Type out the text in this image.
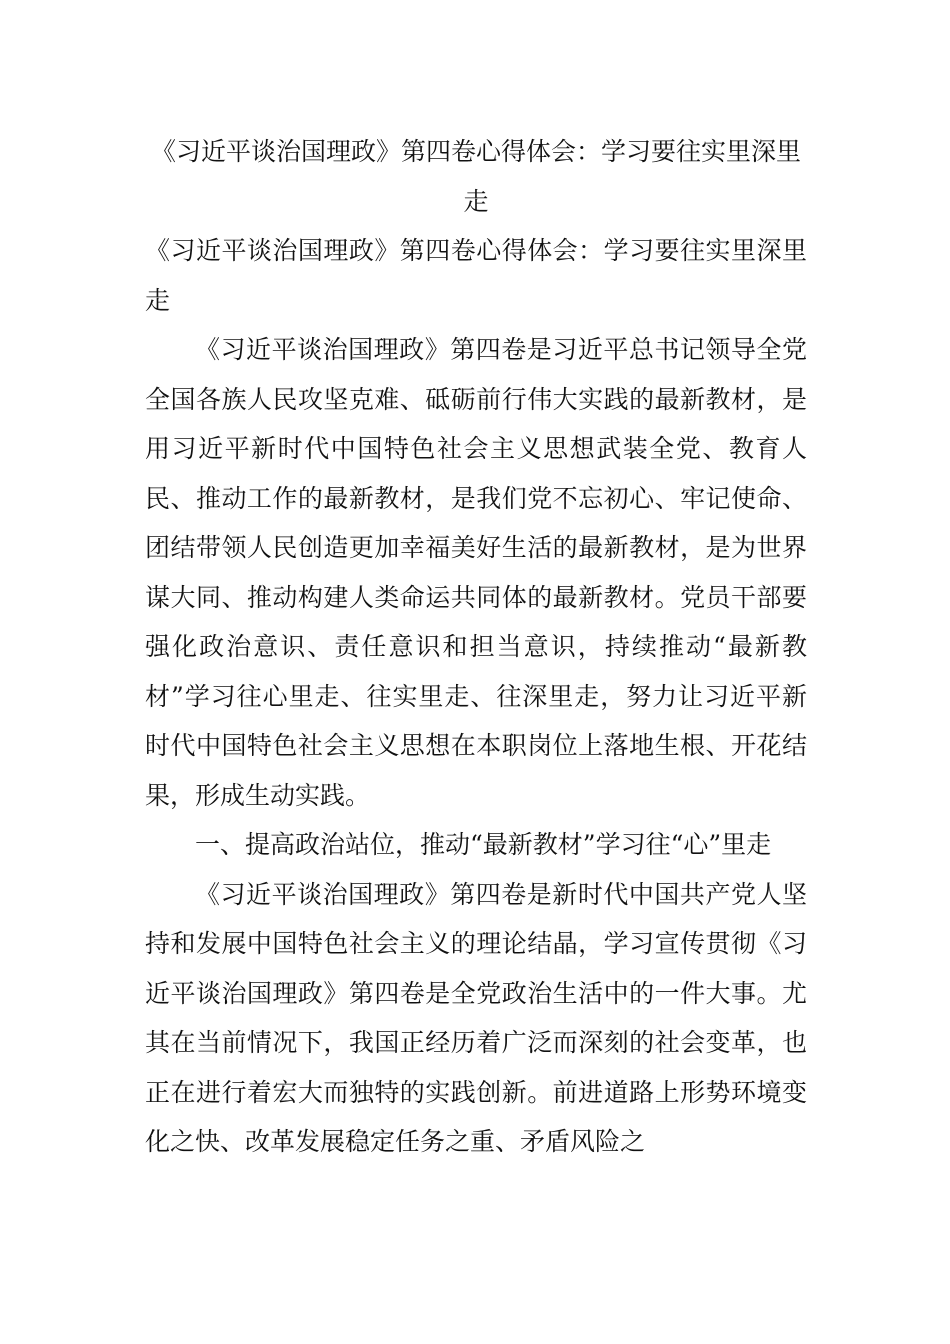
《习近平谈治国理政》第四卷心得体会：学习要往实里深里走

《习近平谈治国理政》第四卷心得体会：学习要往实里深里走

《习近平谈治国理政》第四卷是习近平总书记领导全党全国各族人民攻坚克难、砥砺前行伟大实践的最新教材，是用习近平新时代中国特色社会主义思想武装全党、教育人民、推动工作的最新教材，是我们党不忘初心、牢记使命、团结带领人民创造更加幸福美好生活的最新教材，是为世界谋大同、推动构建人类命运共同体的最新教材。党员干部要强化政治意识、责任意识和担当意识，持续推动“最新教材”学习往心里走、往实里走、往深里走，努力让习近平新时代中国特色社会主义思想在本职岗位上落地生根、开花结果，形成生动实践。

一、提高政治站位，推动“最新教材”学习往“心”里走

《习近平谈治国理政》第四卷是新时代中国共产党人坚持和发展中国特色社会主义的理论结晶，学习宣传贯彻《习近平谈治国理政》第四卷是全党政治生活中的一件大事。尤其在当前情况下，我国正经历着广泛而深刻的社会变革，也正在进行着宏大而独特的实践创新。前进道路上形势环境变化之快、改革发展稳定任务之重、矛盾风险之
